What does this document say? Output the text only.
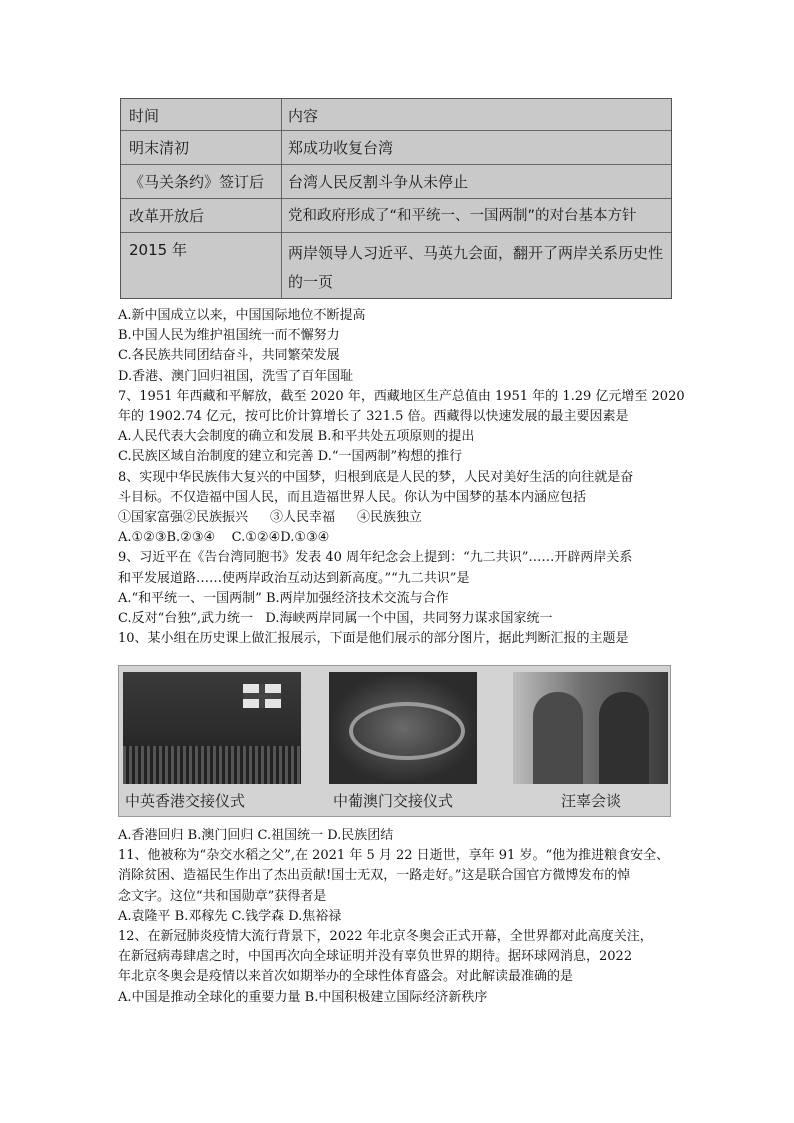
时间	内容
明末清初	郑成功收复台湾
《马关条约》签订后	台湾人民反割斗争从未停止
改革开放后	党和政府形成了“和平统一、一国两制”的对台基本方针
2015 年	两岸领导人习近平、马英九会面，翻开了两岸关系历史性的一页

A.新中国成立以来，中国国际地位不断提高

B.中国人民为维护祖国统一而不懈努力

C.各民族共同团结奋斗，共同繁荣发展

D.香港、澳门回归祖国，洗雪了百年国耻

7、1951 年西藏和平解放，截至 2020 年，西藏地区生产总值由 1951 年的 1.29 亿元增至 2020

年的 1902.74 亿元，按可比价计算增长了 321.5 倍。西藏得以快速发展的最主要因素是

A.人民代表大会制度的确立和发展 B.和平共处五项原则的提出

C.民族区域自治制度的建立和完善 D.“一国两制”构想的推行

8、实现中华民族伟大复兴的中国梦，归根到底是人民的梦，人民对美好生活的向往就是奋

斗目标。不仅造福中国人民，而且造福世界人民。你认为中国梦的基本内涵应包括

①国家富强②民族振兴 ③人民幸福 ④民族独立

A.①②③B.②③④    C.①②④D.①③④

9、习近平在《告台湾同胞书》发表 40 周年纪念会上提到：“九二共识”……开辟两岸关系

和平发展道路……使两岸政治互动达到新高度。”“九二共识”是

A.“和平统一、一国两制” B.两岸加强经济技术交流与合作

C.反对“台独”,武力统一   D.海峡两岸同属一个中国，共同努力谋求国家统一

10、某小组在历史课上做汇报展示，下面是他们展示的部分图片，据此判断汇报的主题是

中英香港交接仪式	中葡澳门交接仪式	汪辜会谈

A.香港回归 B.澳门回归 C.祖国统一 D.民族团结

11、他被称为“杂交水稻之父”,在 2021 年 5 月 22 日逝世，享年 91 岁。“他为推进粮食安全、

消除贫困、造福民生作出了杰出贡献!国士无双，一路走好。”这是联合国官方微博发布的悼

念文字。这位“共和国勋章”获得者是

A.袁隆平 B.邓稼先 C.钱学森 D.焦裕禄

12、在新冠肺炎疫情大流行背景下，2022 年北京冬奥会正式开幕，全世界都对此高度关注，

在新冠病毒肆虐之时，中国再次向全球证明并没有辜负世界的期待。据环球网消息，2022

年北京冬奥会是疫情以来首次如期举办的全球性体育盛会。对此解读最准确的是

A.中国是推动全球化的重要力量 B.中国积极建立国际经济新秩序
